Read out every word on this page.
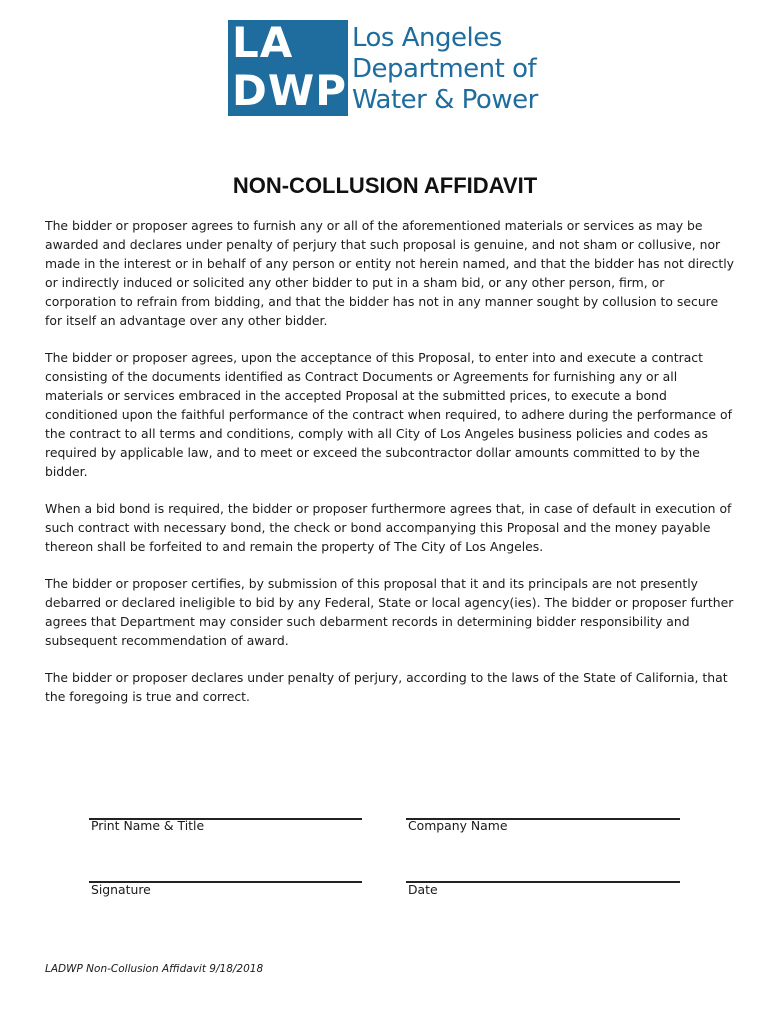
LA
DWP
Los Angeles
Department of
Water & Power
NON-COLLUSION AFFIDAVIT

The bidder or proposer agrees to furnish any or all of the aforementioned materials or services as may be awarded and declares under penalty of perjury that such proposal is genuine, and not sham or collusive, nor made in the interest or in behalf of any person or entity not herein named, and that the bidder has not directly or indirectly induced or solicited any other bidder to put in a sham bid, or any other person, firm, or corporation to refrain from bidding, and that the bidder has not in any manner sought by collusion to secure for itself an advantage over any other bidder.

The bidder or proposer agrees, upon the acceptance of this Proposal, to enter into and execute a contract consisting of the documents identified as Contract Documents or Agreements for furnishing any or all materials or services embraced in the accepted Proposal at the submitted prices, to execute a bond conditioned upon the faithful performance of the contract when required, to adhere during the performance of the contract to all terms and conditions, comply with all City of Los Angeles business policies and codes as required by applicable law, and to meet or exceed the subcontractor dollar amounts committed to by the bidder.

When a bid bond is required, the bidder or proposer furthermore agrees that, in case of default in execution of such contract with necessary bond, the check or bond accompanying this Proposal and the money payable thereon shall be forfeited to and remain the property of The City of Los Angeles.

The bidder or proposer certifies, by submission of this proposal that it and its principals are not presently debarred or declared ineligible to bid by any Federal, State or local agency(ies). The bidder or proposer further agrees that Department may consider such debarment records in determining bidder responsibility and subsequent recommendation of award.

The bidder or proposer declares under penalty of perjury, according to the laws of the State of California, that the foregoing is true and correct.

Print Name & Title	Company Name
Signature	Date
LADWP Non-Collusion Affidavit 9/18/2018
